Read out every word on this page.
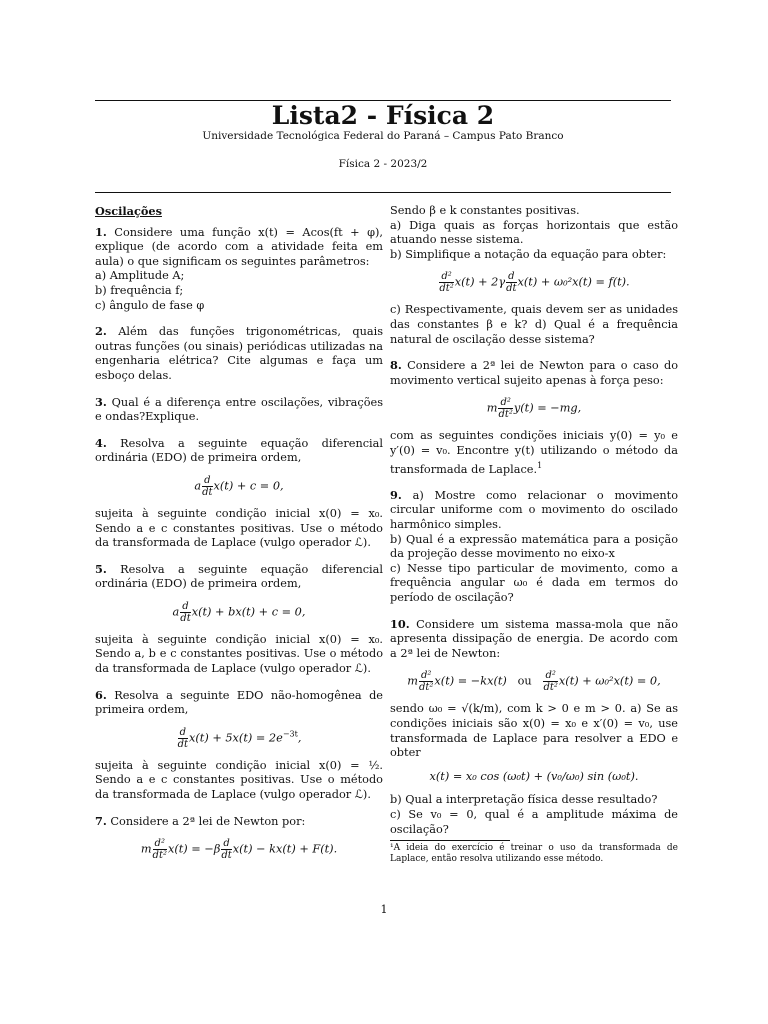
Lista2 - Física 2
Universidade Tecnológica Federal do Paraná – Campus Pato Branco
Física 2 - 2023/2

Oscilações

1. Considere uma função x(t) = Acos(ft + φ), explique (de acordo com a atividade feita em aula) o que significam os seguintes parâmetros:

a) Amplitude A;

b) frequência f;

c) ângulo de fase φ

2. Além das funções trigonométricas, quais outras funções (ou sinais) periódicas utilizadas na engenharia elétrica? Cite algumas e faça um esboço delas.

3. Qual é a diferença entre oscilações, vibrações e ondas?Explique.

4. Resolva a seguinte equação diferencial ordinária (EDO) de primeira ordem,

a $\frac{d}{dt} x(t) + c = 0$,

sujeita à seguinte condição inicial x(0) = x₀. Sendo a e c constantes positivas. Use o método da transformada de Laplace (vulgo operador ℒ).

5. Resolva a seguinte equação diferencial ordinária (EDO) de primeira ordem,

a $\frac{d}{dt} x(t) + bx(t) + c = 0$,

sujeita à seguinte condição inicial x(0) = x₀. Sendo a, b e c constantes positivas. Use o método da transformada de Laplace (vulgo operador ℒ).

6. Resolva a seguinte EDO não-homogênea de primeira ordem,

$\frac{d}{dt} x(t) + 5x(t) = 2e^{-3t}$,

sujeita à seguinte condição inicial x(0) = ½. Sendo a e c constantes positivas. Use o método da transformada de Laplace (vulgo operador ℒ).

7. Considere a 2ª lei de Newton por:

m $\frac{\text{d²}}{\text{dt²}} x(t) = -\beta \frac{d}{dt} x(t) - kx(t) + F(t)$.

Sendo β e k constantes positivas.

a) Diga quais as forças horizontais que estão atuando nesse sistema.

b) Simplifique a notação da equação para obter:

$\frac{\text{d²}}{\text{dt²}} x(t) + 2\gamma \frac{d}{dt} x(t) + \omega_0^2x(t) = f(t)$.

c) Respectivamente, quais devem ser as unidades das constantes β e k? d) Qual é a frequência natural de oscilação desse sistema?

8. Considere a 2ª lei de Newton para o caso do movimento vertical sujeito apenas à força peso:

m $\frac{\text{d²}}{\text{dt²}} y(t) = -mg$,

com as seguintes condições iniciais y(0) = y₀ e y′(0) = v₀. Encontre y(t) utilizando o método da transformada de Laplace.$^1$

9. a) Mostre como relacionar o movimento circular uniforme com o movimento do oscilado harmônico simples.

b) Qual é a expressão matemática para a posição da projeção desse movimento no eixo-x

c) Nesse tipo particular de movimento, como a frequência angular ω₀ é dada em termos do período de oscilação?

10. Considere um sistema massa-mola que não apresenta dissipação de energia. De acordo com a 2ª lei de Newton:

m $\frac{\text{d²}}{\text{dt²}} x(t) = -kx(t)$ ou $\frac{\text{d²}}{\text{dt²}} x(t) + \omega_0^2x(t) = 0$,

sendo ω₀ = √(k/m), com k > 0 e m > 0. a) Se as condições iniciais são x(0) = x₀ e x′(0) = v₀, use transformada de Laplace para resolver a EDO e obter

x(t) = x₀ cos (ω₀t) + (v₀/ω₀) sin (ω₀t).

b) Qual a interpretação física desse resultado?

c) Se v₀ = 0, qual é a amplitude máxima de oscilação?

¹A ideia do exercício é treinar o uso da transformada de Laplace, então resolva utilizando esse método.

1
